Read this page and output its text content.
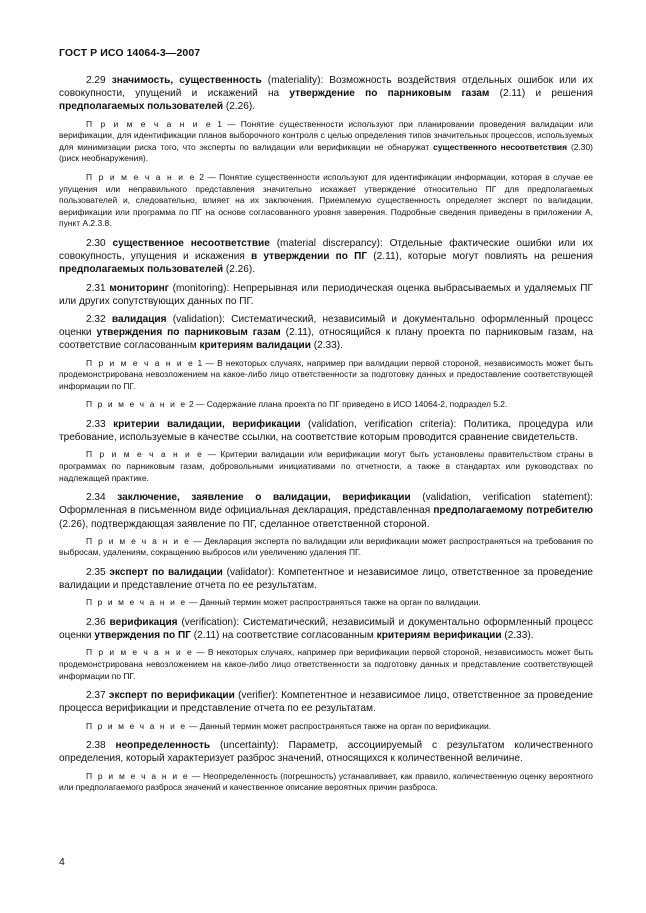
ГОСТ Р ИСО 14064-3—2007

2.29 значимость, существенность (materiality): Возможность воздействия отдельных ошибок или их совокупности, упущений и искажений на утверждение по парниковым газам (2.11) и решения предполагаемых пользователей (2.26).

П р и м е ч а н и е 1 — Понятие существенности используют при планировании проведения валидации или верификации, для идентификации планов выборочного контроля с целью определения типов значительных процессов, используемых для минимизации риска того, что эксперты по валидации или верификации не обнаружат существенного несоответствия (2.30) (риск необнаружения).

П р и м е ч а н и е 2 — Понятие существенности используют для идентификации информации, которая в случае ее упущения или неправильного представления значительно искажает утверждение относительно ПГ для предполагаемых пользователей и, следовательно, влияет на их заключения. Приемлемую существенность определяет эксперт по валидации, верификации или программа по ПГ на основе согласованного уровня заверения. Подробные сведения приведены в приложении А, пункт А.2.3.8.

2.30 существенное несоответствие (material discrepancy): Отдельные фактические ошибки или их совокупность, упущения и искажения в утверждении по ПГ (2.11), которые могут повлиять на решения предполагаемых пользователей (2.26).

2.31 мониторинг (monitoring): Непрерывная или периодическая оценка выбрасываемых и удаляемых ПГ или других сопутствующих данных по ПГ.

2.32 валидация (validation): Систематический, независимый и документально оформленный процесс оценки утверждения по парниковым газам (2.11), относящийся к плану проекта по парниковым газам, на соответствие согласованным критериям валидации (2.33).

П р и м е ч а н и е 1 — В некоторых случаях, например при валидации первой стороной, независимость может быть продемонстрирована невозложением на какое-либо лицо ответственности за подготовку данных и предоставление соответствующей информации по ПГ.

П р и м е ч а н и е 2 — Содержание плана проекта по ПГ приведено в ИСО 14064-2, подраздел 5.2.

2.33 критерии валидации, верификации (validation, verification criteria): Политика, процедура или требование, используемые в качестве ссылки, на соответствие которым проводится сравнение свидетельств.

П р и м е ч а н и е — Критерии валидации или верификации могут быть установлены правительством страны в программах по парниковым газам, добровольными инициативами по отчетности, а также в стандартах или руководствах по надлежащей практике.

2.34 заключение, заявление о валидации, верификации (validation, verification statement): Оформленная в письменном виде официальная декларация, представленная предполагаемому потребителю (2.26), подтверждающая заявление по ПГ, сделанное ответственной стороной.

П р и м е ч а н и е — Декларация эксперта по валидации или верификации может распространяться на требования по выбросам, удалениям, сокращению выбросов или увеличению удаления ПГ.

2.35 эксперт по валидации (validator): Компетентное и независимое лицо, ответственное за проведение валидации и представление отчета по ее результатам.

П р и м е ч а н и е — Данный термин может распространяться также на орган по валидации.

2.36 верификация (verification): Систематический, независимый и документально оформленный процесс оценки утверждения по ПГ (2.11) на соответствие согласованным критериям верификации (2.33).

П р и м е ч а н и е — В некоторых случаях, например при верификации первой стороной, независимость может быть продемонстрирована невозложением на какое-либо лицо ответственности за подготовку данных и представление соответствующей информации по ПГ.

2.37 эксперт по верификации (verifier): Компетентное и независимое лицо, ответственное за проведение процесса верификации и представление отчета по ее результатам.

П р и м е ч а н и е — Данный термин может распространяться также на орган по верификации.

2.38 неопределенность (uncertainty): Параметр, ассоциируемый с результатом количественного определения, который характеризует разброс значений, относящихся к количественной величине.

П р и м е ч а н и е — Неопределенность (погрешность) устанавливает, как правило, количественную оценку вероятного или предполагаемого разброса значений и качественное описание вероятных причин разброса.

4
